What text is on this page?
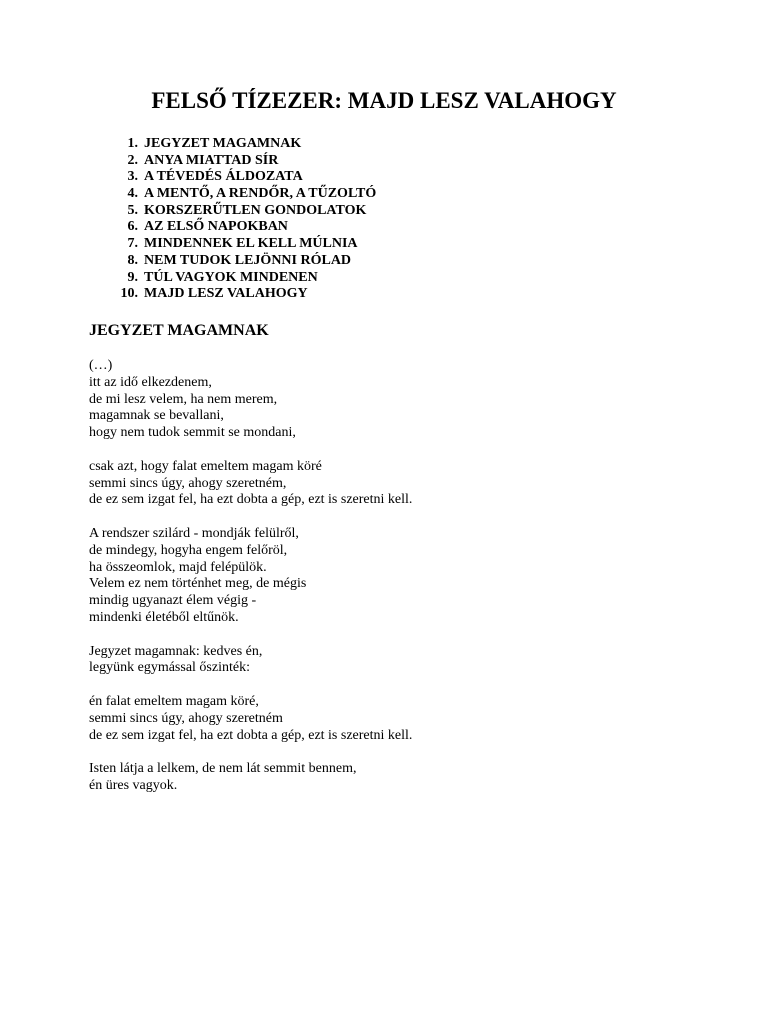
FELSŐ TÍZEZER: MAJD LESZ VALAHOGY
1. JEGYZET MAGAMNAK
2. ANYA MIATTAD SÍR
3. A TÉVEDÉS ÁLDOZATA
4. A MENTŐ, A RENDŐR, A TŰZOLTÓ
5. KORSZERŰTLEN GONDOLATOK
6. AZ ELSŐ NAPOKBAN
7. MINDENNEK EL KELL MÚLNIA
8. NEM TUDOK LEJÖNNI RÓLAD
9. TÚL VAGYOK MINDENEN
10. MAJD LESZ VALAHOGY
JEGYZET MAGAMNAK
(…)
itt az idő elkezdenem,
de mi lesz velem, ha nem merem,
magamnak se bevallani,
hogy nem tudok semmit se mondani,
csak azt, hogy falat emeltem magam köré
semmi sincs úgy, ahogy szeretném,
de ez sem izgat fel, ha ezt dobta a gép, ezt is szeretni kell.
A rendszer szilárd - mondják felülről,
de mindegy, hogyha engem felőröl,
ha összeomlok, majd felépülök.
Velem ez nem történhet meg, de mégis
mindig ugyanazt élem végig -
mindenki életéből eltűnök.
Jegyzet magamnak: kedves én,
legyünk egymással őszinték:
én falat emeltem magam köré,
semmi sincs úgy, ahogy szeretném
de ez sem izgat fel, ha ezt dobta a gép, ezt is szeretni kell.
Isten látja a lelkem, de nem lát semmit bennem,
én üres vagyok.
